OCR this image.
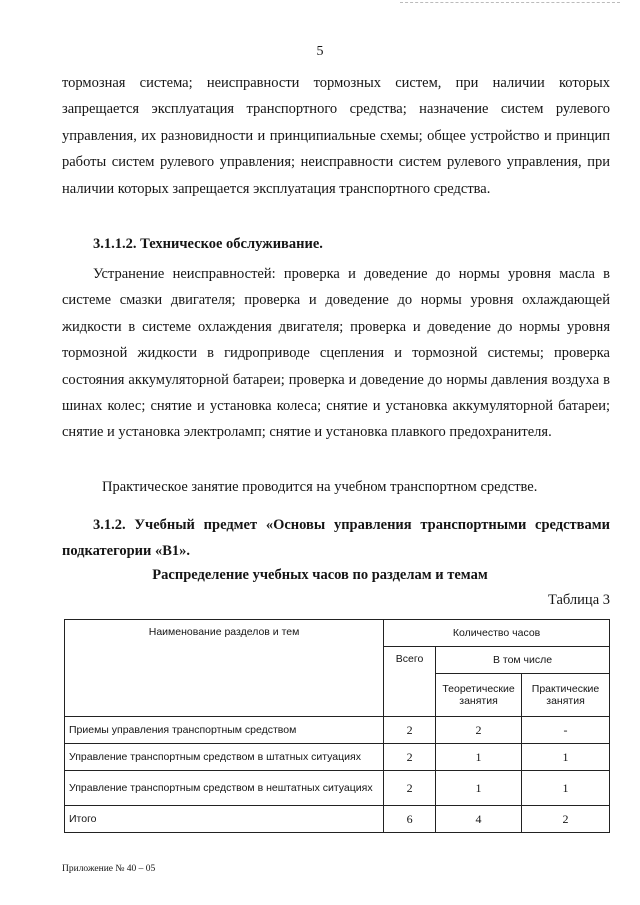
5

тормозная система; неисправности тормозных систем, при наличии которых запрещается эксплуатация транспортного средства; назначение систем рулевого управления, их разновидности и принципиальные схемы; общее устройство и принцип работы систем рулевого управления; неисправности систем рулевого управления, при наличии которых запрещается эксплуатация транспортного средства.

3.1.1.2. Техническое обслуживание.

Устранение неисправностей: проверка и доведение до нормы уровня масла в системе смазки двигателя; проверка и доведение до нормы уровня охлаждающей жидкости в системе охлаждения двигателя; проверка и доведение до нормы уровня тормозной жидкости в гидроприводе сцепления и тормозной системы; проверка состояния аккумуляторной батареи; проверка и доведение до нормы давления воздуха в шинах колес; снятие и установка колеса; снятие и установка аккумуляторной батареи; снятие и установка электроламп; снятие и установка плавкого предохранителя.

Практическое занятие проводится на учебном транспортном средстве.

3.1.2. Учебный предмет «Основы управления транспортными средствами подкатегории «В1».

Распределение учебных часов по разделам и темам

Таблица 3

Наименование разделов и тем	Количество часов		
	Всего	В том числе	
		Теоретические занятия	Практические занятия
Приемы управления транспортным средством	2	2	-
Управление транспортным средством в штатных ситуациях	2	1	1
Управление транспортным средством в нештатных ситуациях	2	1	1
Итого	6	4	2
Приложение № 40 – 05
